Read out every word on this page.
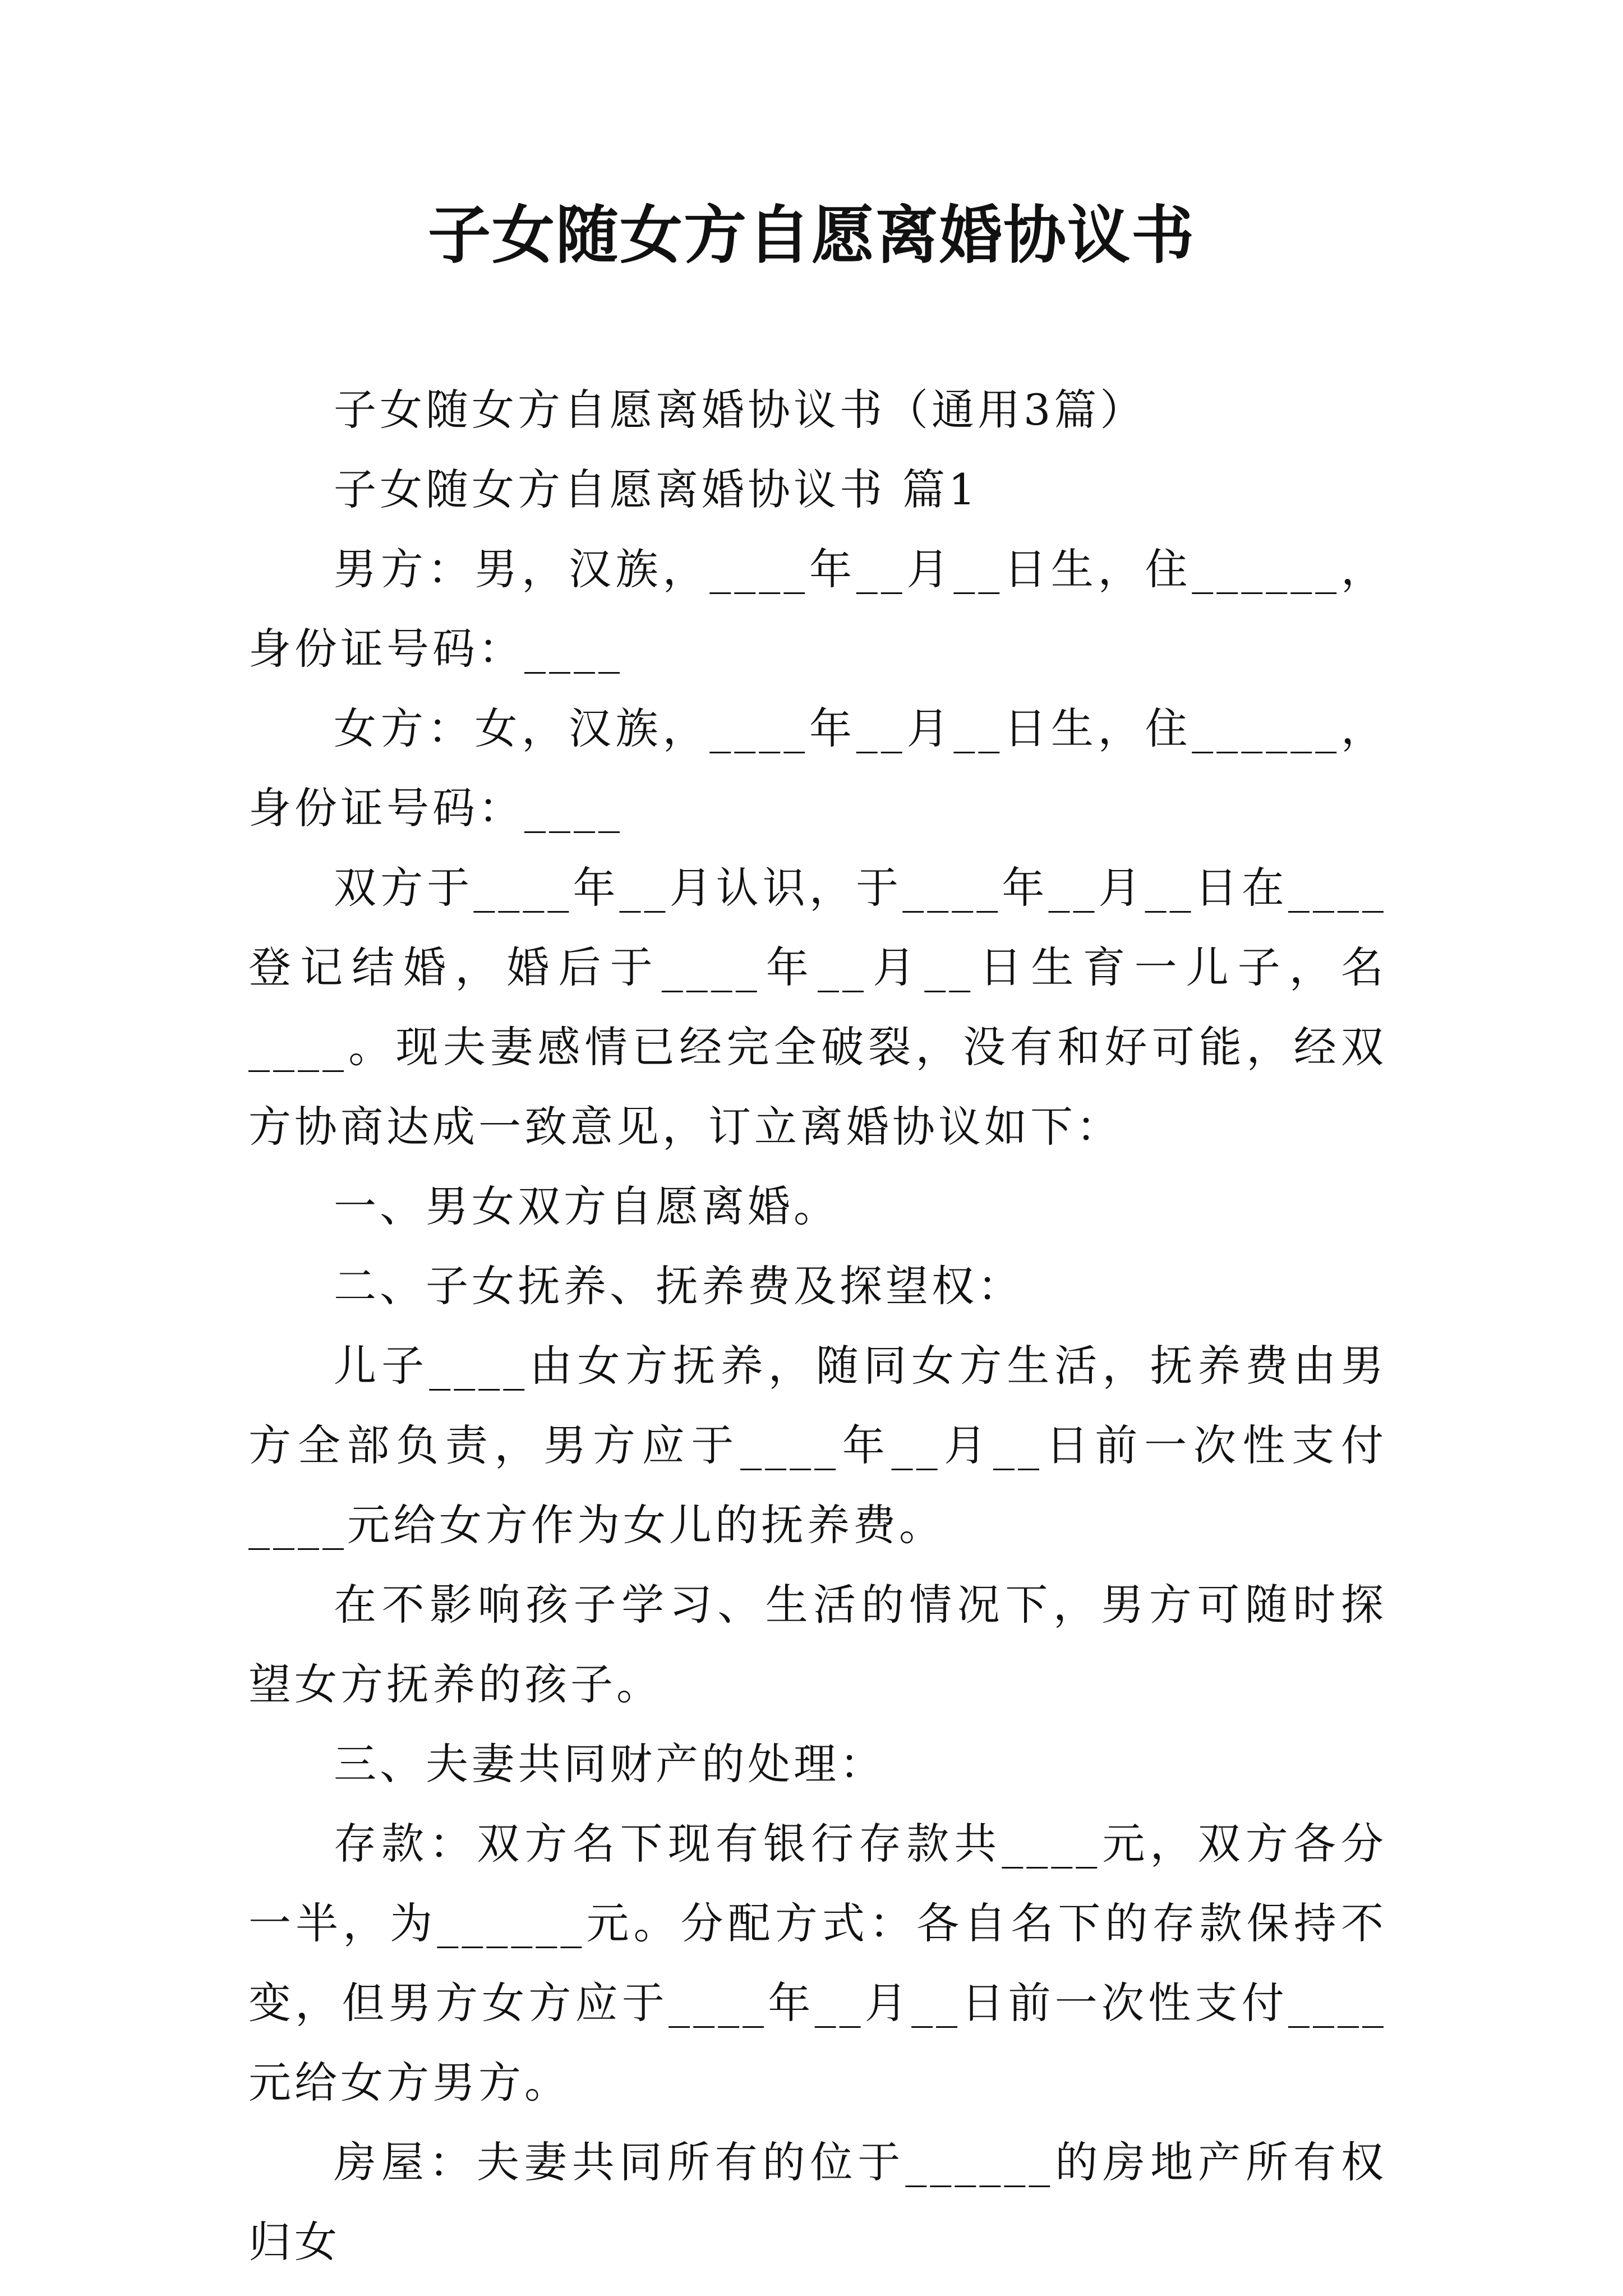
子女随女方自愿离婚协议书

子女随女方自愿离婚协议书（通用3篇）

子女随女方自愿离婚协议书 篇1

男方：男，汉族，____年__月__日生，住______，身份证号码：____

女方：女，汉族，____年__月__日生，住______，身份证号码：____

双方于____年__月认识，于____年__月__日在____登记结婚，婚后于____年__月__日生育一儿子，名____。现夫妻感情已经完全破裂，没有和好可能，经双方协商达成一致意见，订立离婚协议如下：

一、男女双方自愿离婚。

二、子女抚养、抚养费及探望权：

儿子____由女方抚养，随同女方生活，抚养费由男方全部负责，男方应于____年__月__日前一次性支付____元给女方作为女儿的抚养费。

在不影响孩子学习、生活的情况下，男方可随时探望女方抚养的孩子。

三、夫妻共同财产的处理：

存款：双方名下现有银行存款共____元，双方各分一半，为______元。分配方式：各自名下的存款保持不变，但男方女方应于____年__月__日前一次性支付____元给女方男方。

房屋：夫妻共同所有的位于______的房地产所有权归女
